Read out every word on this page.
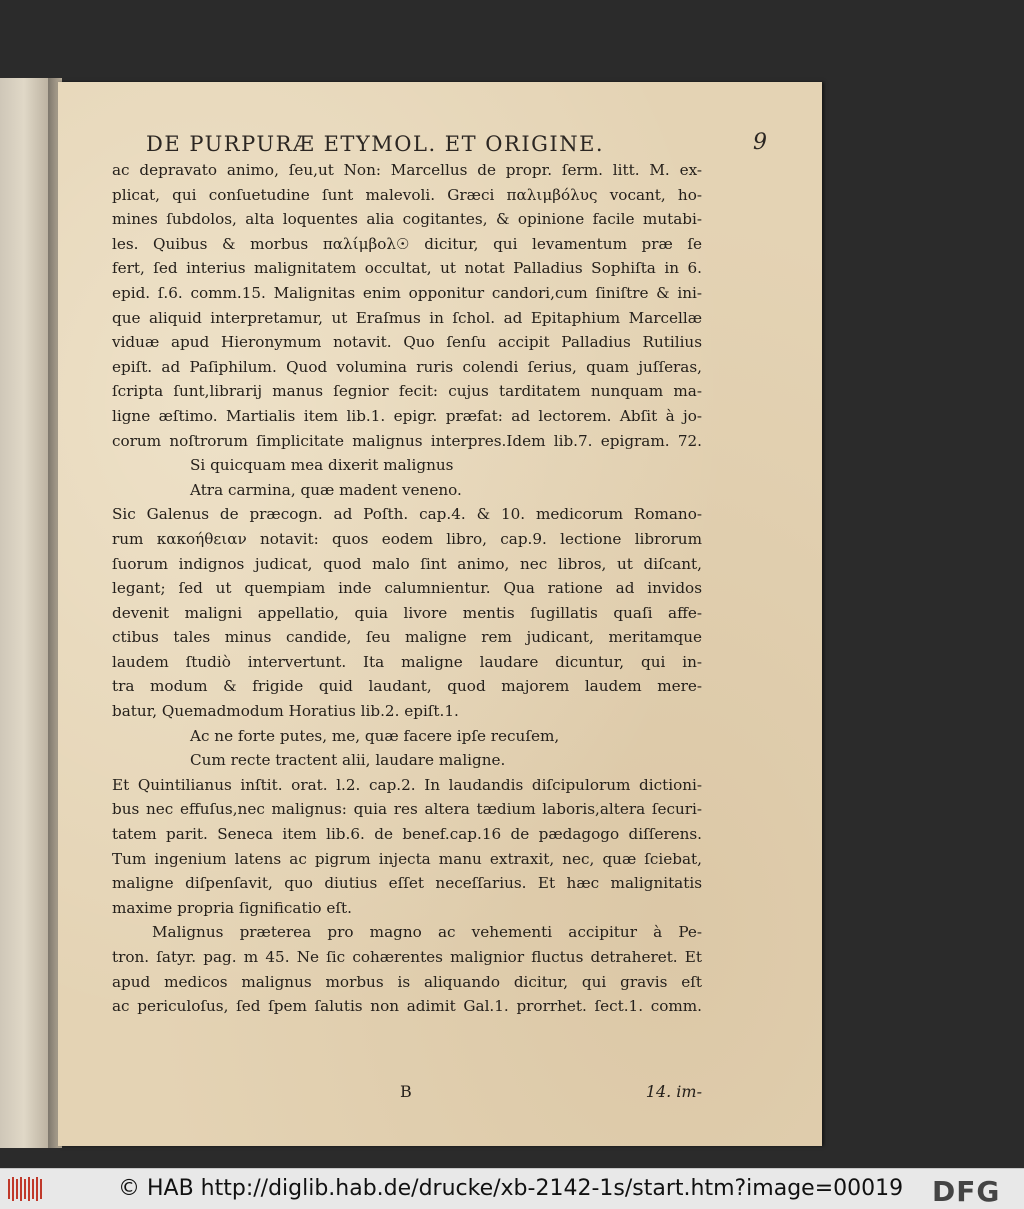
DE PURPURÆ ETYMOL. ET ORIGINE.	9
ac depravato animo, ſeu,ut Non: Marcellus de propr. ſerm. litt. M. ex-
plicat, qui conſuetudine ſunt malevoli. Græci παλιμβόλυς vocant, ho-
mines ſubdolos, alta loquentes alia cogitantes, & opinione facile mutabi-
les. Quibus & morbus παλίμβολ☉ dicitur, qui levamentum præ ſe
fert, ſed interius malignitatem occultat, ut notat Palladius Sophiſta in 6.
epid. ſ.6. comm.15. Malignitas enim opponitur candori,cum ſiniſtre & ini-
que aliquid interpretamur, ut Eraſmus in ſchol. ad Epitaphium Marcellæ
viduæ apud Hieronymum notavit. Quo ſenſu accipit Palladius Rutilius
epiſt. ad Paſiphilum. Quod volumina ruris colendi ſerius, quam juſſeras,
ſcripta ſunt,librarij manus ſegnior fecit: cujus tarditatem nunquam ma-
ligne æſtimo. Martialis item lib.1. epigr. præfat: ad lectorem. Abſit à jo-
corum noſtrorum ſimplicitate malignus interpres.Idem lib.7. epigram. 72.
Si quicquam mea dixerit malignus
Atra carmina, quæ madent veneno.
Sic Galenus de præcogn. ad Poſth. cap.4. & 10. medicorum Romano-
rum κακοήθειαν notavit: quos eodem libro, cap.9. lectione librorum
ſuorum indignos judicat, quod malo ſint animo, nec libros, ut diſcant,
legant; ſed ut quempiam inde calumnientur. Qua ratione ad invidos
devenit maligni appellatio, quia livore mentis ſugillatis quaſi affe-
ctibus tales minus candide, ſeu maligne rem judicant, meritamque
laudem ſtudiò intervertunt. Ita maligne laudare dicuntur, qui in-
tra modum & frigide quid laudant, quod majorem laudem mere-
batur, Quemadmodum Horatius lib.2. epiſt.1.
Ac ne forte putes, me, quæ facere ipſe recuſem,
Cum recte tractent alii, laudare maligne.
Et Quintilianus inſtit. orat. l.2. cap.2. In laudandis diſcipulorum dictioni-
bus nec effuſus,nec malignus: quia res altera tædium laboris,altera ſecuri-
tatem parit. Seneca item lib.6. de benef.cap.16 de pædagogo diſſerens.
Tum ingenium latens ac pigrum injecta manu extraxit, nec, quæ ſciebat,
maligne diſpenſavit, quo diutius eſſet neceſſarius. Et hæc malignitatis
maxime propria ſignificatio eſt.
Malignus præterea pro magno ac vehementi accipitur à Pe-
tron. ſatyr. pag. m 45. Ne ſic cohærentes malignior fluctus detraheret. Et
apud medicos malignus morbus is aliquando dicitur, qui gravis eſt
ac periculoſus, ſed ſpem ſalutis non adimit Gal.1. prorrhet. ſect.1. comm.
B	14. im-
© HAB http://diglib.hab.de/drucke/xb-2142-1s/start.htm?image=00019 DFG
